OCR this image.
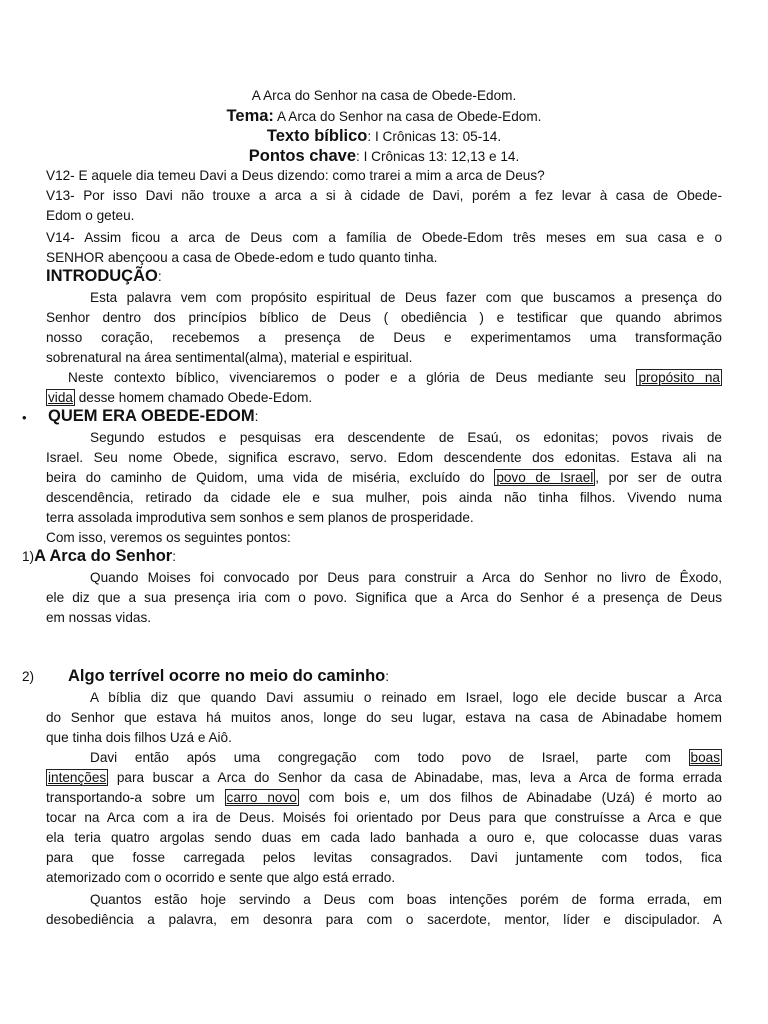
A Arca do Senhor na casa de Obede-Edom.
Tema: A Arca do Senhor na casa de Obede-Edom.
Texto bíblico: I Crônicas 13: 05-14.
Pontos chave: I Crônicas 13: 12,13 e 14.
V12- E aquele dia temeu Davi a Deus dizendo: como trarei a mim a arca de Deus?
V13- Por isso Davi não trouxe a arca a si à cidade de Davi, porém a fez levar à casa de Obede-
Edom o geteu.
V14- Assim ficou a arca de Deus com a família de Obede-Edom três meses em sua casa e o
SENHOR abençoou a casa de Obede-edom e tudo quanto tinha.
INTRODUÇÃO:
Esta palavra vem com propósito espiritual de Deus fazer com que buscamos a presença do
Senhor dentro dos princípios bíblico de Deus ( obediência ) e testificar que quando abrimos
nosso coração, recebemos a presença de Deus e experimentamos uma transformação
sobrenatural na área sentimental(alma), material e espiritual.
Neste contexto bíblico, vivenciaremos o poder e a glória de Deus mediante seu propósito na
vida desse homem chamado Obede-Edom.
• QUEM ERA OBEDE-EDOM:
Segundo estudos e pesquisas era descendente de Esaú, os edonitas; povos rivais de
Israel. Seu nome Obede, significa escravo, servo. Edom descendente dos edonitas. Estava ali na
beira do caminho de Quidom, uma vida de miséria, excluído do povo de Israel , por ser de outra
descendência, retirado da cidade ele e sua mulher, pois ainda não tinha filhos. Vivendo numa
terra assolada improdutiva sem sonhos e sem planos de prosperidade.
Com isso, veremos os seguintes pontos:
1)A Arca do Senhor:
Quando Moises foi convocado por Deus para construir a Arca do Senhor no livro de Êxodo,
ele diz que a sua presença iria com o povo. Significa que a Arca do Senhor é a presença de Deus
em nossas vidas.
2)	Algo terrível ocorre no meio do caminho:
A bíblia diz que quando Davi assumiu o reinado em Israel, logo ele decide buscar a Arca
do Senhor que estava há muitos anos, longe do seu lugar, estava na casa de Abinadabe homem
que tinha dois filhos Uzá e Aiô.
Davi então após uma congregação com todo povo de Israel, parte com boas
intenções para buscar a Arca do Senhor da casa de Abinadabe, mas, leva a Arca de forma errada
transportando-a sobre um carro novo com bois e, um dos filhos de Abinadabe (Uzá) é morto ao
tocar na Arca com a ira de Deus. Moisés foi orientado por Deus para que construísse a Arca e que
ela teria quatro argolas sendo duas em cada lado banhada a ouro e, que colocasse duas varas
para que fosse carregada pelos levitas consagrados. Davi juntamente com todos, fica
atemorizado com o ocorrido e sente que algo está errado.
Quantos estão hoje servindo a Deus com boas intenções porém de forma errada, em
desobediência a palavra, em desonra para com o sacerdote, mentor, líder e discipulador. A
